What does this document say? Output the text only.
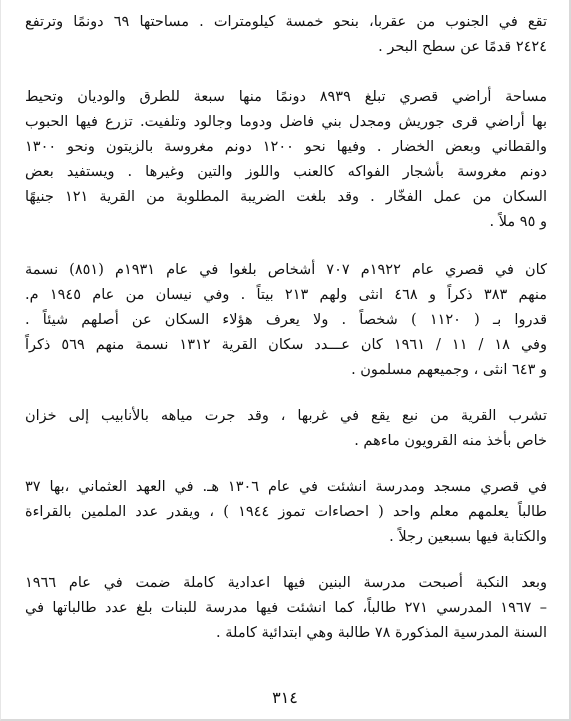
تقع في الجنوب من عقربا، بنحو خمسة كيلومترات . مساحتها ٦٩ دونمًا وترتفع
٢٤٢٤ قدمًا عن سطح البحر .
مساحة أراضي قصري تبلغ ٨٩٣٩ دونمًا منها سبعة للطرق والوديان وتحيط
بها أراضي قرى جوريش ومجدل بني فاضل ودوما وجالود وتلفيت. تزرع فيها الحبوب
والقطاني وبعض الخضار . وفيها نحو ١٢٠٠ دونم مغروسة بالزيتون ونحو ١٣٠٠
دونم مغروسة بأشجار الفواكه كالعنب واللوز والتين وغيرها . ويستفيد بعض
السكان من عمل الفخّار . وقد بلغت الضريبة المطلوبة من القرية ١٢١ جنيهًا
و ٩٥ ملاً .
كان في قصري عام ١٩٢٢م ٧٠٧ أشخاص بلغوا في عام ١٩٣١م (٨٥١) نسمة
منهم ٣٨٣ ذكراً و ٤٦٨ انثى ولهم ٢١٣ بيتاً . وفي نيسان من عام ١٩٤٥ م.
قدروا بـ ( ١١٢٠ ) شخصاً . ولا يعرف هؤلاء السكان عن أصلهم شيئاً .
وفي ١٨ / ١١ / ١٩٦١ كان عـــدد سكان القرية ١٣١٢ نسمة منهم ٥٦٩ ذكراً
و ٦٤٣ انثى ، وجميعهم مسلمون .
تشرب القرية من نبع يقع في غربها ، وقد جرت مياهه بالأنابيب إلى خزان
خاص بأخذ منه القرويون ماءهم .
في قصري مسجد ومدرسة انشئت في عام ١٣٠٦ هـ. في العهد العثماني ،بها ٣٧
طالباً يعلمهم معلم واحد ( احصاءات تموز ١٩٤٤ ) ، ويقدر عدد الملمين بالقراءة
والكتابة فيها بسبعين رجلاً .
وبعد النكبة أصبحت مدرسة البنين فيها اعدادية كاملة ضمت في عام ١٩٦٦
– ١٩٦٧ المدرسي ٢٧١ طالباً، كما انشئت فيها مدرسة للبنات بلغ عدد طالباتها في
السنة المدرسية المذكورة ٧٨ طالبة وهي ابتدائية كاملة .
٣١٤
